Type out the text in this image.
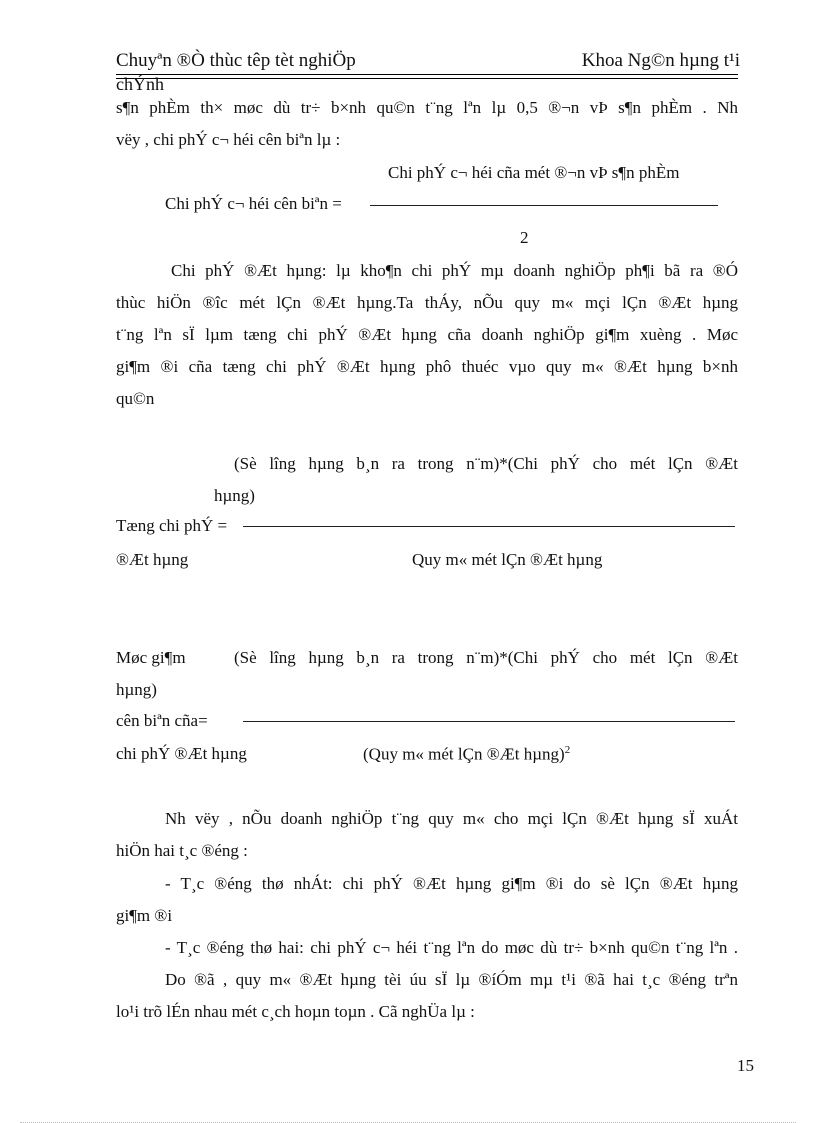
Chuyªn ®Ò thùc têp tèt nghiÖp	Khoa Ng©n hµng t¹i
chÝnh
s¶n phÈm th× møc dù tr÷ b×nh qu©n t¨ng lªn lµ 0,5 ®¬n vÞ s¶n phÈm . Nh
vëy , chi phÝ c¬ héi cên biªn lµ :
Chi phÝ c¬ héi cña mét ®¬n vÞ s¶n phÈm
Chi phÝ c¬ héi cên biªn =
2
Chi phÝ ®Æt hµng: lµ kho¶n chi phÝ mµ doanh nghiÖp ph¶i bã ra ®Ó
thùc hiÖn ®îc mét lÇn ®Æt hµng.Ta thÁy, nÕu quy m« mçi lÇn ®Æt hµng
t¨ng lªn sÏ lµm tæng chi phÝ ®Æt hµng cña doanh nghiÖp gi¶m xuèng . Møc
gi¶m ®i cña tæng chi phÝ ®Æt hµng phô thuéc vµo quy m« ®Æt hµng b×nh
qu©n
(Sè lîng hµng b¸n ra trong n¨m)*(Chi phÝ cho mét lÇn ®Æt
hµng)
Tæng chi phÝ =
®Æt hµng	Quy m« mét lÇn ®Æt hµng
Møc gi¶m	(Sè lîng hµng b¸n ra trong n¨m)*(Chi phÝ cho mét lÇn ®Æt
hµng)
cên biªn cña=
chi phÝ ®Æt hµng	(Quy m« mét lÇn ®Æt hµng)$^2$
Nh vëy , nÕu doanh nghiÖp t¨ng quy m« cho mçi lÇn ®Æt hµng sÏ xuÁt
hiÖn hai t¸c ®éng :
- T¸c ®éng thø nhÁt: chi phÝ ®Æt hµng gi¶m ®i do sè lÇn ®Æt hµng
gi¶m ®i
- T¸c ®éng thø hai: chi phÝ c¬ héi t¨ng lªn do møc dù tr÷ b×nh qu©n t¨ng lªn .
Do ®ã , quy m« ®Æt hµng tèi úu sÏ lµ ®íÓm mµ t¹i ®ã hai t¸c ®éng trªn
lo¹i trõ lÉn nhau mét c¸ch hoµn toµn . Cã nghÜa lµ :
15
